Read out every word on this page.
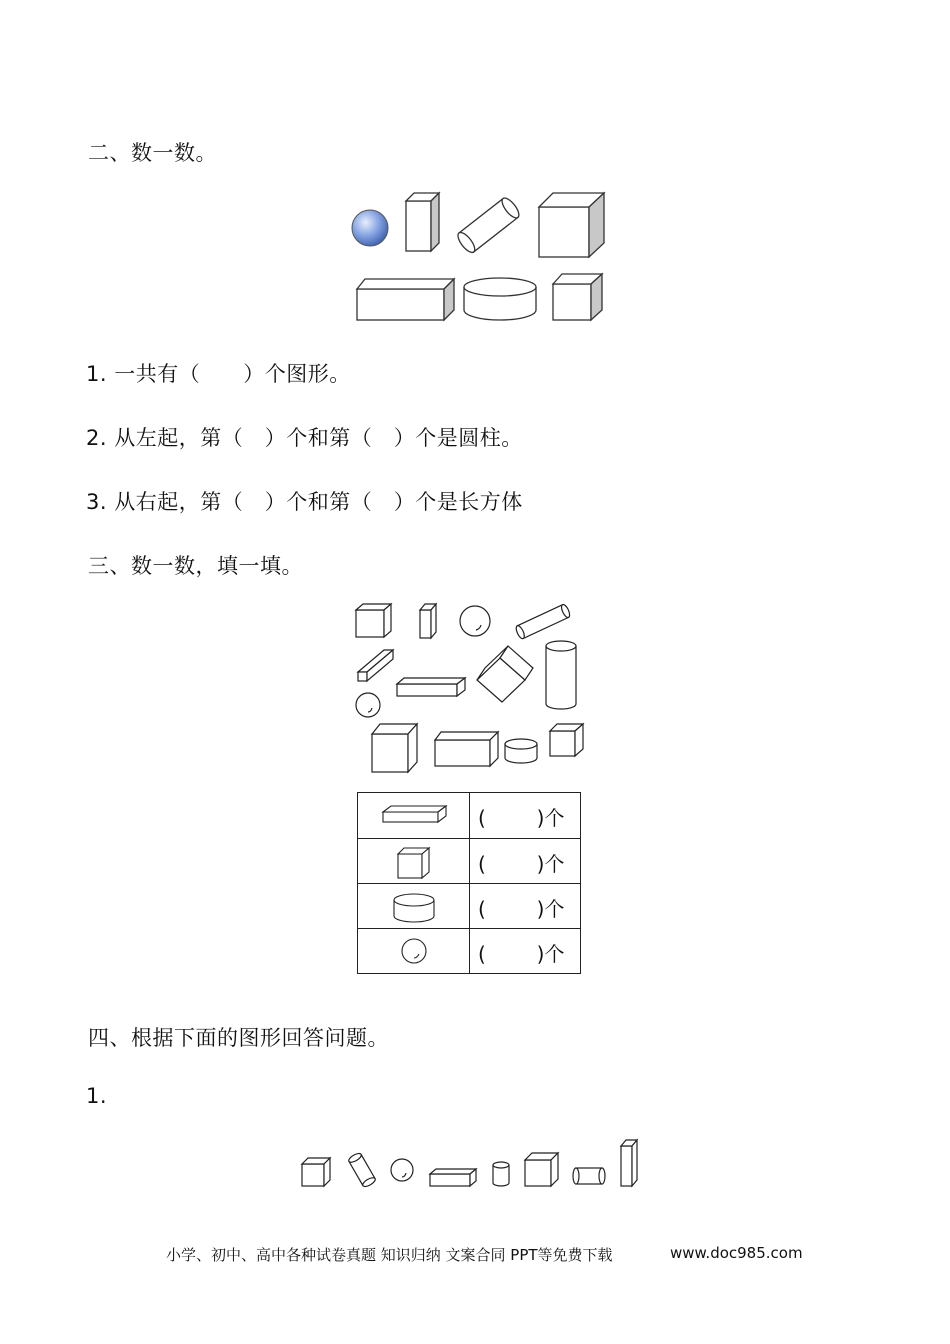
二、数一数。
1. 一共有（　　）个图形。
2. 从左起，第（　）个和第（　）个是圆柱。
3. 从右起，第（　）个和第（　）个是长方体
三、数一数，填一填。
(        )个
(        )个
(        )个
(        )个
四、根据下面的图形回答问题。
1.
小学、初中、高中各种试卷真题 知识归纳 文案合同 PPT等免费下载	www.doc985.com
